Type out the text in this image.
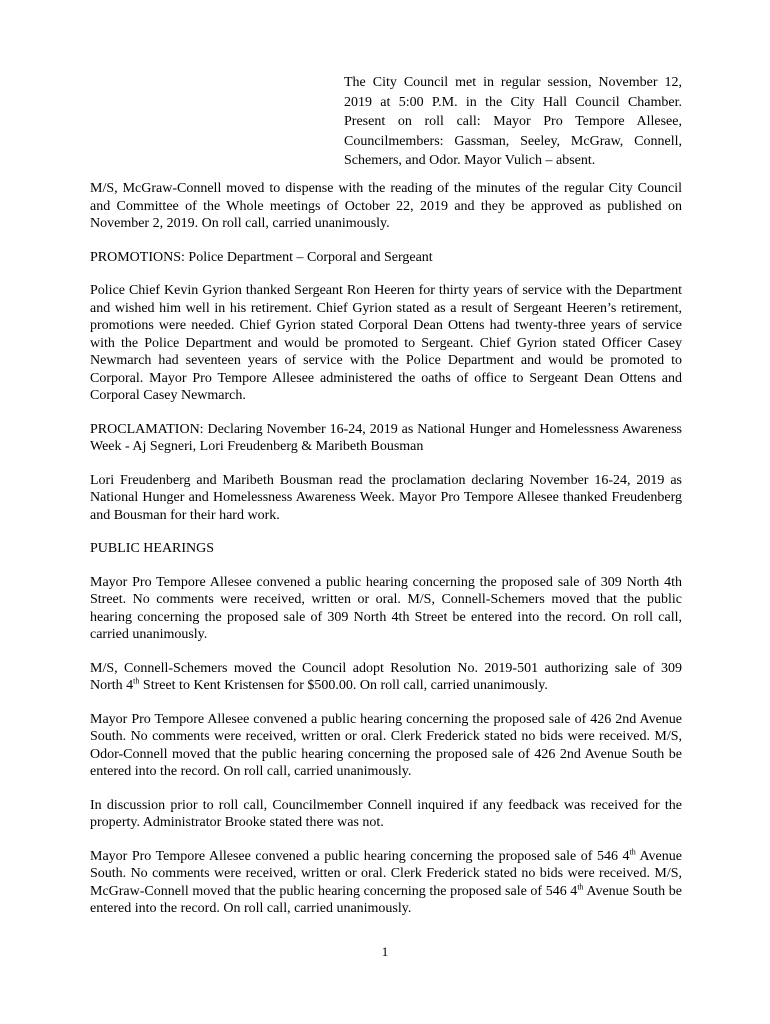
The City Council met in regular session, November 12, 2019 at 5:00 P.M. in the City Hall Council Chamber. Present on roll call: Mayor Pro Tempore Allesee, Councilmembers: Gassman, Seeley, McGraw, Connell, Schemers, and Odor. Mayor Vulich – absent.

M/S, McGraw-Connell moved to dispense with the reading of the minutes of the regular City Council and Committee of the Whole meetings of October 22, 2019 and they be approved as published on November 2, 2019. On roll call, carried unanimously.

PROMOTIONS: Police Department – Corporal and Sergeant

Police Chief Kevin Gyrion thanked Sergeant Ron Heeren for thirty years of service with the Department and wished him well in his retirement. Chief Gyrion stated as a result of Sergeant Heeren’s retirement, promotions were needed. Chief Gyrion stated Corporal Dean Ottens had twenty-three years of service with the Police Department and would be promoted to Sergeant. Chief Gyrion stated Officer Casey Newmarch had seventeen years of service with the Police Department and would be promoted to Corporal. Mayor Pro Tempore Allesee administered the oaths of office to Sergeant Dean Ottens and Corporal Casey Newmarch.

PROCLAMATION: Declaring November 16-24, 2019 as National Hunger and Homelessness Awareness Week - Aj Segneri, Lori Freudenberg & Maribeth Bousman

Lori Freudenberg and Maribeth Bousman read the proclamation declaring November 16-24, 2019 as National Hunger and Homelessness Awareness Week. Mayor Pro Tempore Allesee thanked Freudenberg and Bousman for their hard work.

PUBLIC HEARINGS

Mayor Pro Tempore Allesee convened a public hearing concerning the proposed sale of 309 North 4th Street. No comments were received, written or oral. M/S, Connell-Schemers moved that the public hearing concerning the proposed sale of 309 North 4th Street be entered into the record. On roll call, carried unanimously.

M/S, Connell-Schemers moved the Council adopt Resolution No. 2019-501 authorizing sale of 309 North 4th Street to Kent Kristensen for $500.00. On roll call, carried unanimously.

Mayor Pro Tempore Allesee convened a public hearing concerning the proposed sale of 426 2nd Avenue South. No comments were received, written or oral. Clerk Frederick stated no bids were received. M/S, Odor-Connell moved that the public hearing concerning the proposed sale of 426 2nd Avenue South be entered into the record. On roll call, carried unanimously.

In discussion prior to roll call, Councilmember Connell inquired if any feedback was received for the property. Administrator Brooke stated there was not.

Mayor Pro Tempore Allesee convened a public hearing concerning the proposed sale of 546 4th Avenue South. No comments were received, written or oral. Clerk Frederick stated no bids were received. M/S, McGraw-Connell moved that the public hearing concerning the proposed sale of 546 4th Avenue South be entered into the record. On roll call, carried unanimously.

1
